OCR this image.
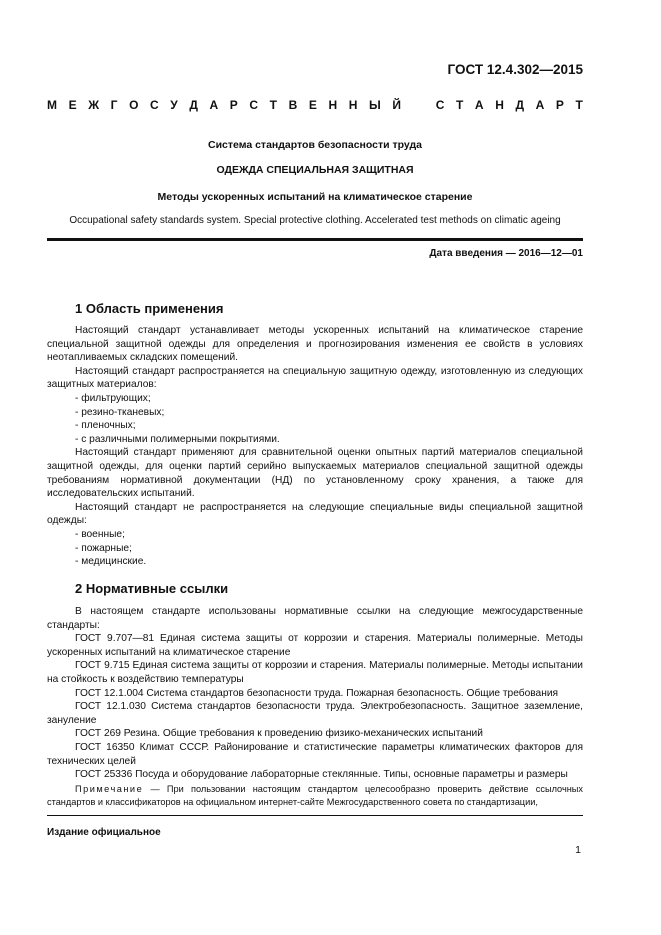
ГОСТ 12.4.302—2015
М Е Ж Г О С У Д А Р С Т В Е Н Н Ы Й	С Т А Н Д А Р Т
Система стандартов безопасности труда
ОДЕЖДА СПЕЦИАЛЬНАЯ ЗАЩИТНАЯ
Методы ускоренных испытаний на климатическое старение
Occupational safety standards system. Special protective clothing. Accelerated test methods on climatic ageing
Дата введения — 2016—12—01
1 Область применения

Настоящий стандарт устанавливает методы ускоренных испытаний на климатическое старение специальной защитной одежды для определения и прогнозирования изменения ее свойств в условиях неотапливаемых складских помещений.

Настоящий стандарт распространяется на специальную защитную одежду, изготовленную из следующих защитных материалов:

- фильтрующих;

- резино-тканевых;

- пленочных;

- с различными полимерными покрытиями.

Настоящий стандарт применяют для сравнительной оценки опытных партий материалов специальной защитной одежды, для оценки партий серийно выпускаемых материалов специальной защитной одежды требованиям нормативной документации (НД) по установленному сроку хранения, а также для исследовательских испытаний.

Настоящий стандарт не распространяется на следующие специальные виды специальной защитной одежды:

- военные;

- пожарные;

- медицинские.

2 Нормативные ссылки

В настоящем стандарте использованы нормативные ссылки на следующие межгосударственные стандарты:

ГОСТ 9.707—81 Единая система защиты от коррозии и старения. Материалы полимерные. Методы ускоренных испытаний на климатическое старение

ГОСТ 9.715 Единая система защиты от коррозии и старения. Материалы полимерные. Методы испытании на стойкость к воздействию температуры

ГОСТ 12.1.004 Система стандартов безопасности труда. Пожарная безопасность. Общие требования

ГОСТ 12.1.030 Система стандартов безопасности труда. Электробезопасность. Защитное заземление, зануление

ГОСТ 269 Резина. Общие требования к проведению физико-механических испытаний

ГОСТ 16350 Климат СССР. Районирование и статистические параметры климатических факторов для технических целей

ГОСТ 25336 Посуда и оборудование лабораторные стеклянные. Типы, основные параметры и размеры

Примечание — При пользовании настоящим стандартом целесообразно проверить действие ссылочных стандартов и классификаторов на официальном интернет-сайте Межгосударственного совета по стандартизации,

Издание официальное
1
